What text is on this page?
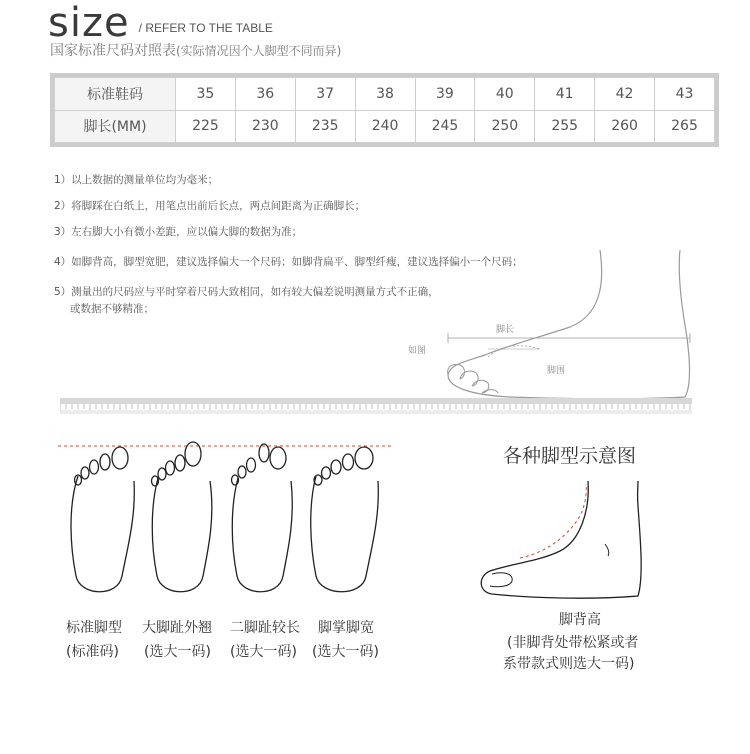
size $^{/ REFER TO THE TABLE}$
国家标准尺码对照表(实际情况因个人脚型不同而异)
标准鞋码	35	36	37	38	39	40	41	42	43
脚长(MM)	225	230	235	240	245	250	255	260	265
1）以上数据的测量单位均为毫米；
2）将脚踩在白纸上，用笔点出前后长点，两点间距离为正确脚长；
3）左右脚大小有微小差距，应以偏大脚的数据为准；
4）如脚背高，脚型宽肥，建议选择偏大一个尺码；如脚背扁平、脚型纤瘦，建议选择偏小一个尺码；
5）测量出的尺码应与平时穿着尺码大致相同，如有较大偏差说明测量方式不正确，
或数据不够精准；
脚长
如图
脚围
标准脚型
(标准码)
大脚趾外翘
(选大一码)
二脚趾较长
(选大一码)
脚掌脚宽
(选大一码)
各种脚型示意图
脚背高
(非脚背处带松紧或者
系带款式则选大一码)
